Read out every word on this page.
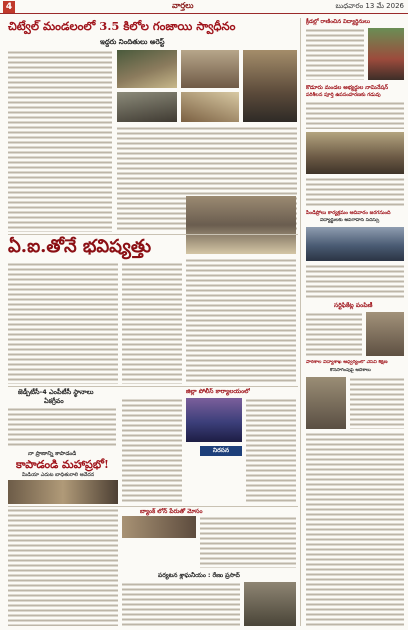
4	వార్తలు	బుధవారం 13 మే 2026
చిట్వేల్ మండలంలో 3.5 కిలోల గంజాయి స్వాధీనం
ఇద్దరు నిందితులు అరెస్ట్
ఏ.ఐ.తోనే భవిష్యత్తు
జెడ్పీటీసీ-4 ఎంపీటీసీ స్థానాలు
ఏకగ్రీవం
నా ప్రాణాన్ని కాపాడండి
కాపాడండి మహాప్రభో!
మీడియా ఎదుట బాధితురాలి ఆవేదన
జిల్లా పోలీస్ కార్యాలయంలో
బ్యాంక్ లోన్ పేరుతో మోసం
పర్యటన శ్లాఘనీయం : రేణు ప్రసాద్
క్రీడల్లో రాణించిన విద్యార్థినులు
కొడూరు మండల అభ్యర్థుల నామినేషన్
పరిశీలన పూర్తి ఉపసంహరణకు గడువు
పిండిప్రోలు కార్యక్రమం ఆదివారం జరగనుంది
విద్యార్థులకు అవగాహన సదస్సు
సర్టిఫికేట్ల పంపిణీ
పాఠశాల విద్యాశాఖ ఆధ్వర్యంలో వేసవి శిక్షణ
కొనసాగింపుపై ఆదేశాలు
నిరసన
